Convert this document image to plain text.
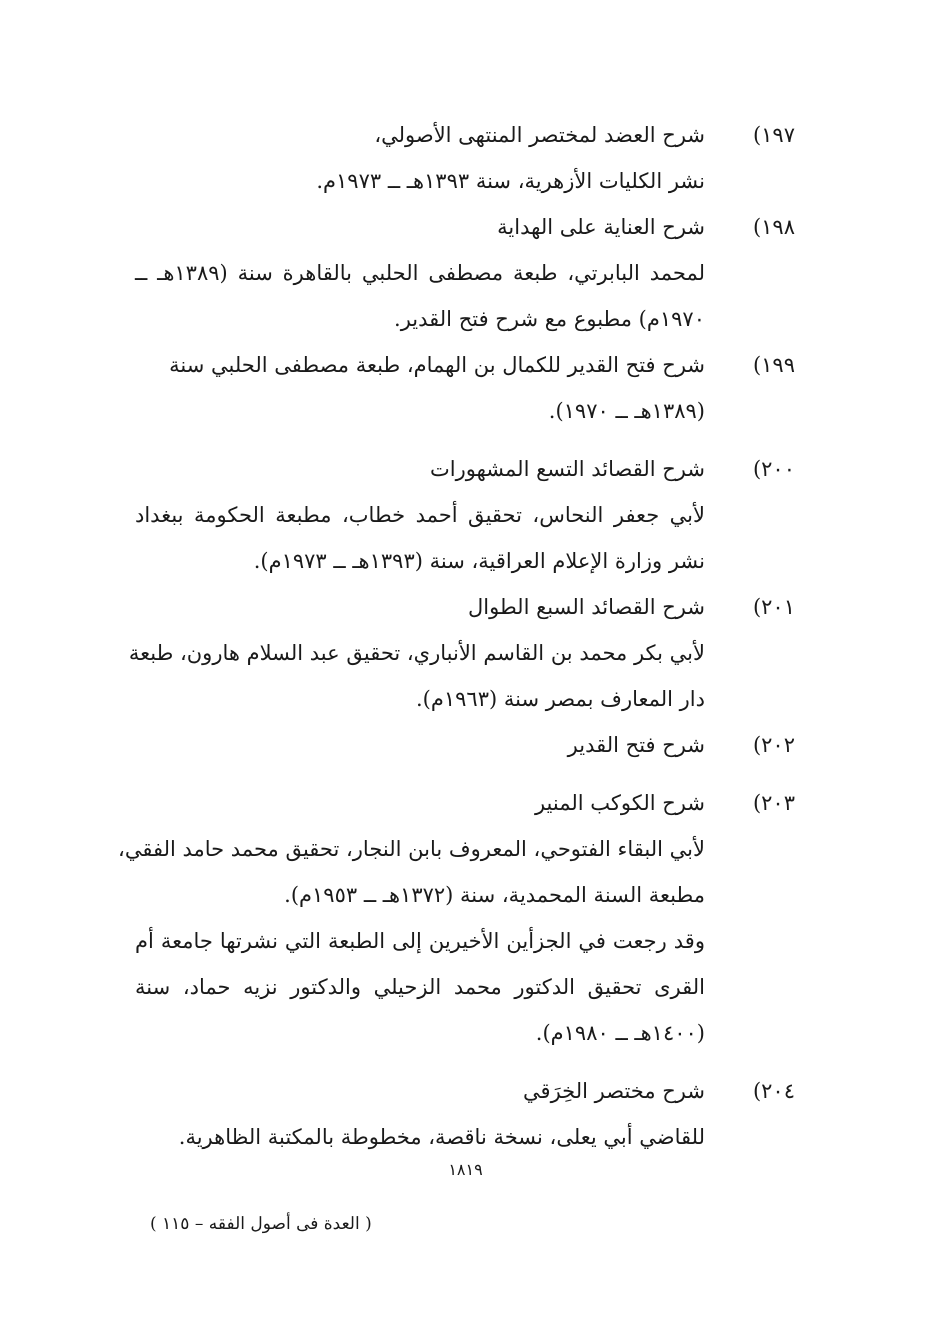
١٩٧)
شرح العضد لمختصر المنتهى الأصولي،
نشر الكليات الأزهرية، سنة ١٣٩٣هـ ــ ١٩٧٣م.
١٩٨)
شرح العناية على الهداية
لمحمد البابرتي، طبعة مصطفى الحلبي بالقاهرة سنة (١٣٨٩هـ ــ
١٩٧٠م) مطبوع مع شرح فتح القدير.
١٩٩)
شرح فتح القدير للكمال بن الهمام، طبعة مصطفى الحلبي سنة
(١٣٨٩هـ ــ ١٩٧٠).
٢٠٠)
شرح القصائد التسع المشهورات
لأبي جعفر النحاس، تحقيق أحمد خطاب، مطبعة الحكومة ببغداد
نشر وزارة الإعلام العراقية، سنة (١٣٩٣هـ ــ ١٩٧٣م).
٢٠١)
شرح القصائد السبع الطوال
لأبي بكر محمد بن القاسم الأنباري، تحقيق عبد السلام هارون، طبعة
دار المعارف بمصر سنة (١٩٦٣م).
٢٠٢)
شرح فتح القدير
٢٠٣)
شرح الكوكب المنير
لأبي البقاء الفتوحي، المعروف بابن النجار، تحقيق محمد حامد الفقي،
مطبعة السنة المحمدية، سنة (١٣٧٢هـ ــ ١٩٥٣م).
وقد رجعت في الجزأين الأخيرين إلى الطبعة التي نشرتها جامعة أم
القرى تحقيق الدكتور محمد الزحيلي والدكتور نزيه حماد، سنة
(١٤٠٠هـ ــ ١٩٨٠م).
٢٠٤)
شرح مختصر الخِرَقي
للقاضي أبي يعلى، نسخة ناقصة، مخطوطة بالمكتبة الظاهرية.
١٨١٩
( العدة فى أصول الفقه – ١١٥ )
